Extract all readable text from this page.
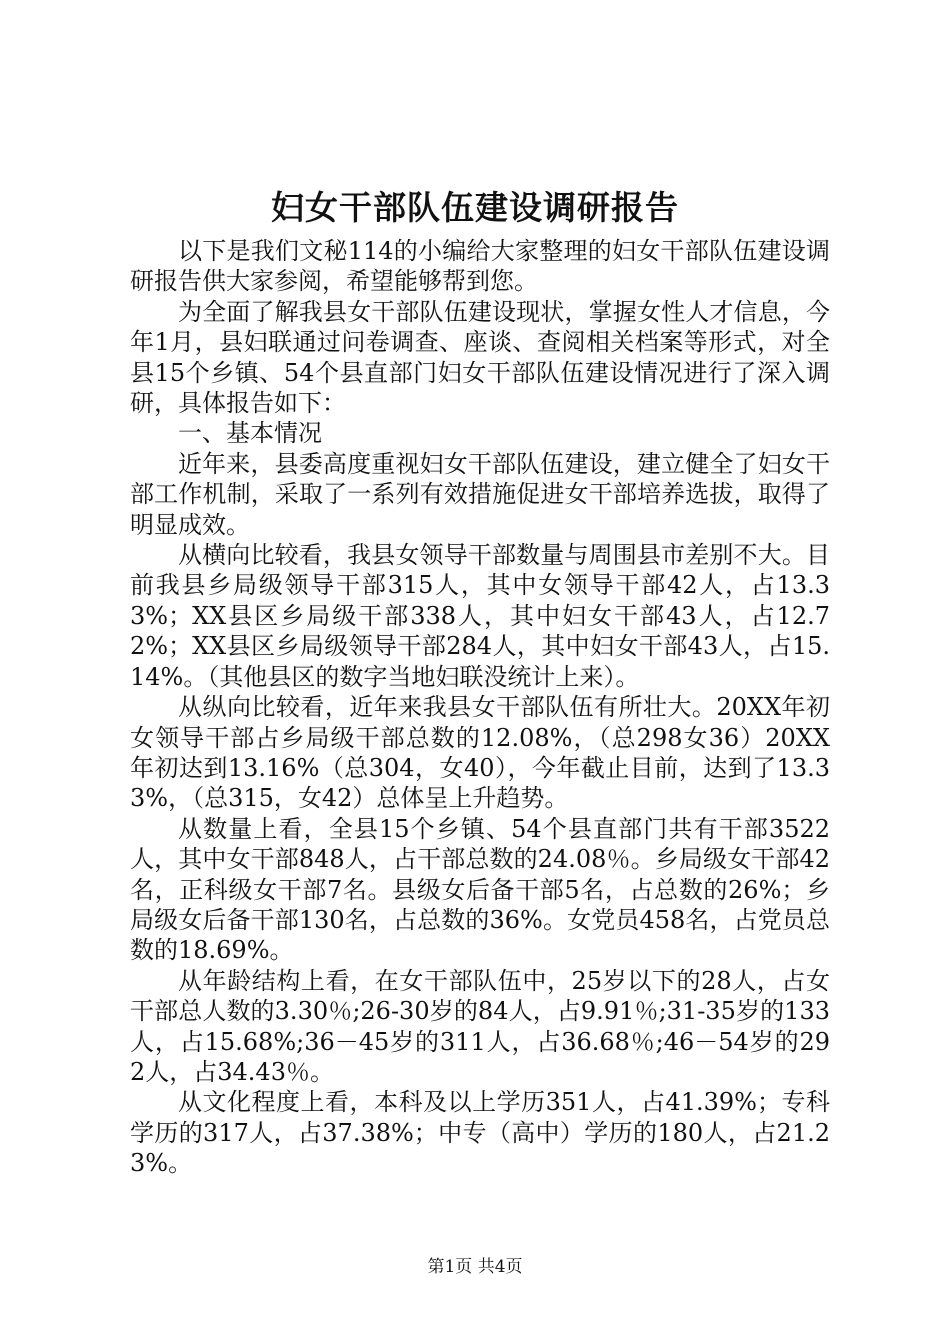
妇女干部队伍建设调研报告

以下是我们文秘114的小编给大家整理的妇女干部队伍建设调研报告供大家参阅，希望能够帮到您。

为全面了解我县女干部队伍建设现状，掌握女性人才信息，今年1月，县妇联通过问卷调查、座谈、查阅相关档案等形式，对全县15个乡镇、54个县直部门妇女干部队伍建设情况进行了深入调研，具体报告如下：

一、基本情况

近年来，县委高度重视妇女干部队伍建设，建立健全了妇女干部工作机制，采取了一系列有效措施促进女干部培养选拔，取得了明显成效。

从横向比较看，我县女领导干部数量与周围县市差别不大。目前我县乡局级领导干部315人，其中女领导干部42人，占13.33%；XX县区乡局级干部338人，其中妇女干部43人，占12.72%；XX县区乡局级领导干部284人，其中妇女干部43人，占15.14%。（其他县区的数字当地妇联没统计上来）。

从纵向比较看，近年来我县女干部队伍有所壮大。20XX年初女领导干部占乡局级干部总数的12.08%，（总298女36）20XX年初达到13.16%（总304，女40），今年截止目前，达到了13.33%，（总315，女42）总体呈上升趋势。

从数量上看，全县15个乡镇、54个县直部门共有干部3522人，其中女干部848人，占干部总数的24.08％。乡局级女干部42名，正科级女干部7名。县级女后备干部5名，占总数的26%；乡局级女后备干部130名，占总数的36%。女党员458名，占党员总数的18.69%。

从年龄结构上看，在女干部队伍中，25岁以下的28人，占女干部总人数的3.30％;26-30岁的84人，占9.91％;31-35岁的133人，占15.68%;36－45岁的311人，占36.68％;46－54岁的292人，占34.43％。

从文化程度上看，本科及以上学历351人，占41.39%；专科学历的317人，占37.38%；中专（高中）学历的180人，占21.23%。

第1页 共4页
